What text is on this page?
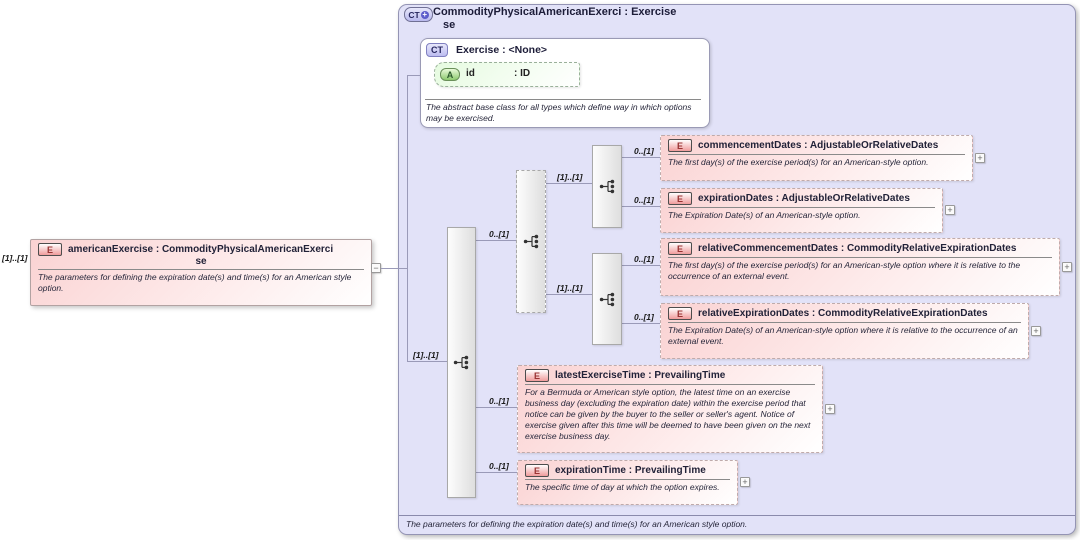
CT + CommodityPhysicalAmericanExerci : Exercise
se
The parameters for defining the expiration date(s) and time(s) for an American style option.
CT	Exercise : <None>
A	id	: ID
The abstract base class for all types which define way in which options may be exercised.
[1]..[1]
E	americanExercise : CommodityPhysicalAmericanExerci
se
The parameters for defining the expiration date(s) and time(s) for an American style option.
−
[1]..[1]
0..[1]
[1]..[1]
[1]..[1]
0..[1]
E	commencementDates : AdjustableOrRelativeDates
The first day(s) of the exercise period(s) for an American-style option.	+
0..[1]	E	expirationDates : AdjustableOrRelativeDates
The Expiration Date(s) of an American-style option.	+
0..[1]
E	relativeCommencementDates : CommodityRelativeExpirationDates
The first day(s) of the exercise period(s) for an American-style option where it is relative to the occurrence of an external event.
+
0..[1]	E	relativeExpirationDates : CommodityRelativeExpirationDates
The Expiration Date(s) of an American-style option where it is relative to the occurrence of an external event.
+
0..[1]
E	latestExerciseTime : PrevailingTime
For a Bermuda or American style option, the latest time on an exercise business day (excluding the expiration date) within the exercise period that notice can be given by the buyer to the seller or seller's agent. Notice of exercise given after this time will be deemed to have been given on the next exercise business day.
+
0..[1]	E	expirationTime : PrevailingTime
The specific time of day at which the option expires.	+
